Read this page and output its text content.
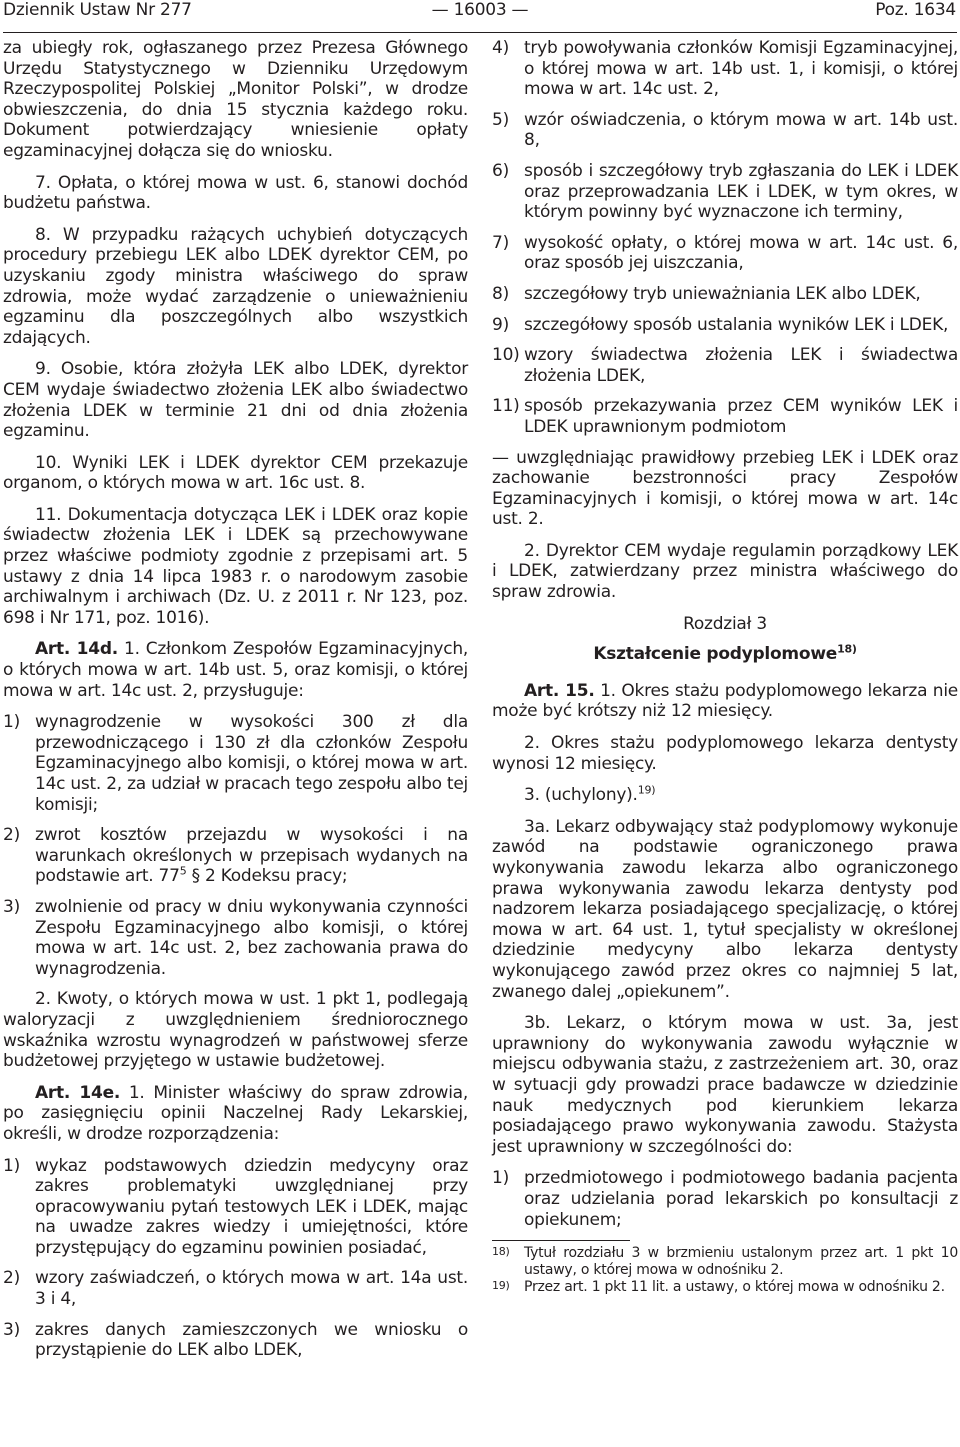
Dziennik Ustaw Nr 277	— 16003 —	Poz. 1634

za ubiegły rok, ogłaszanego przez Prezesa Głównego Urzędu Statystycznego w Dzienniku Urzędowym Rzeczypospolitej Polskiej „Monitor Polski”, w drodze obwieszczenia, do dnia 15 stycznia każdego roku. Dokument potwierdzający wniesienie opłaty egzaminacyjnej dołącza się do wniosku.

7. Opłata, o której mowa w ust. 6, stanowi dochód budżetu państwa.

8. W przypadku rażących uchybień dotyczących procedury przebiegu LEK albo LDEK dyrektor CEM, po uzyskaniu zgody ministra właściwego do spraw zdrowia, może wydać zarządzenie o unieważnieniu egzaminu dla poszczególnych albo wszystkich zdających.

9. Osobie, która złożyła LEK albo LDEK, dyrektor CEM wydaje świadectwo złożenia LEK albo świadectwo złożenia LDEK w terminie 21 dni od dnia złożenia egzaminu.

10. Wyniki LEK i LDEK dyrektor CEM przekazuje organom, o których mowa w art. 16c ust. 8.

11. Dokumentacja dotycząca LEK i LDEK oraz kopie świadectw złożenia LEK i LDEK są przechowywane przez właściwe podmioty zgodnie z przepisami art. 5 ustawy z dnia 14 lipca 1983 r. o narodowym zasobie archiwalnym i archiwach (Dz. U. z 2011 r. Nr 123, poz. 698 i Nr 171, poz. 1016).

Art. 14d. 1. Członkom Zespołów Egzaminacyjnych, o których mowa w art. 14b ust. 5, oraz komisji, o której mowa w art. 14c ust. 2, przysługuje:

1) wynagrodzenie w wysokości 300 zł dla przewodniczącego i 130 zł dla członków Zespołu Egzaminacyjnego albo komisji, o której mowa w art. 14c ust. 2, za udział w pracach tego zespołu albo tej komisji;
2) zwrot kosztów przejazdu w wysokości i na warunkach określonych w przepisach wydanych na podstawie art. $77^5$ § 2 Kodeksu pracy;
3) zwolnienie od pracy w dniu wykonywania czynności Zespołu Egzaminacyjnego albo komisji, o której mowa w art. 14c ust. 2, bez zachowania prawa do wynagrodzenia.

2. Kwoty, o których mowa w ust. 1 pkt 1, podlegają waloryzacji z uwzględnieniem średniorocznego wskaźnika wzrostu wynagrodzeń w państwowej sferze budżetowej przyjętego w ustawie budżetowej.

Art. 14e. 1. Minister właściwy do spraw zdrowia, po zasięgnięciu opinii Naczelnej Rady Lekarskiej, określi, w drodze rozporządzenia:

1) wykaz podstawowych dziedzin medycyny oraz zakres problematyki uwzględnianej przy opracowywaniu pytań testowych LEK i LDEK, mając na uwadze zakres wiedzy i umiejętności, które przystępujący do egzaminu powinien posiadać,
2) wzory zaświadczeń, o których mowa w art. 14a ust. 3 i 4,
3) zakres danych zamieszczonych we wniosku o przystąpienie do LEK albo LDEK,
4) tryb powoływania członków Komisji Egzaminacyjnej, o której mowa w art. 14b ust. 1, i komisji, o której mowa w art. 14c ust. 2,
5) wzór oświadczenia, o którym mowa w art. 14b ust. 8,
6) sposób i szczegółowy tryb zgłaszania do LEK i LDEK oraz przeprowadzania LEK i LDEK, w tym okres, w którym powinny być wyznaczone ich terminy,
7) wysokość opłaty, o której mowa w art. 14c ust. 6, oraz sposób jej uiszczania,
8) szczegółowy tryb unieważniania LEK albo LDEK,
9) szczegółowy sposób ustalania wyników LEK i LDEK,
10) wzory świadectwa złożenia LEK i świadectwa złożenia LDEK,
11) sposób przekazywania przez CEM wyników LEK i LDEK uprawnionym podmiotom

— uwzględniając prawidłowy przebieg LEK i LDEK oraz zachowanie bezstronności pracy Zespołów Egzaminacyjnych i komisji, o której mowa w art. 14c ust. 2.

2. Dyrektor CEM wydaje regulamin porządkowy LEK i LDEK, zatwierdzany przez ministra właściwego do spraw zdrowia.

Rozdział 3
Kształcenie podyplomowe$^{18)}$

Art. 15. 1. Okres stażu podyplomowego lekarza nie może być krótszy niż 12 miesięcy.

2. Okres stażu podyplomowego lekarza dentysty wynosi 12 miesięcy.

3. (uchylony).$^{19)}$

3a. Lekarz odbywający staż podyplomowy wykonuje zawód na podstawie ograniczonego prawa wykonywania zawodu lekarza albo ograniczonego prawa wykonywania zawodu lekarza dentysty pod nadzorem lekarza posiadającego specjalizację, o której mowa w art. 64 ust. 1, tytuł specjalisty w określonej dziedzinie medycyny albo lekarza dentysty wykonującego zawód przez okres co najmniej 5 lat, zwanego dalej „opiekunem”.

3b. Lekarz, o którym mowa w ust. 3a, jest uprawniony do wykonywania zawodu wyłącznie w miejscu odbywania stażu, z zastrzeżeniem art. 30, oraz w sytuacji gdy prowadzi prace badawcze w dziedzinie nauk medycznych pod kierunkiem lekarza posiadającego prawo wykonywania zawodu. Stażysta jest uprawniony w szczególności do:

1) przedmiotowego i podmiotowego badania pacjenta oraz udzielania porad lekarskich po konsultacji z opiekunem;
18)	Tytuł rozdziału 3 w brzmieniu ustalonym przez art. 1 pkt 10 ustawy, o której mowa w odnośniku 2.
19)	Przez art. 1 pkt 11 lit. a ustawy, o której mowa w odnośniku 2.
